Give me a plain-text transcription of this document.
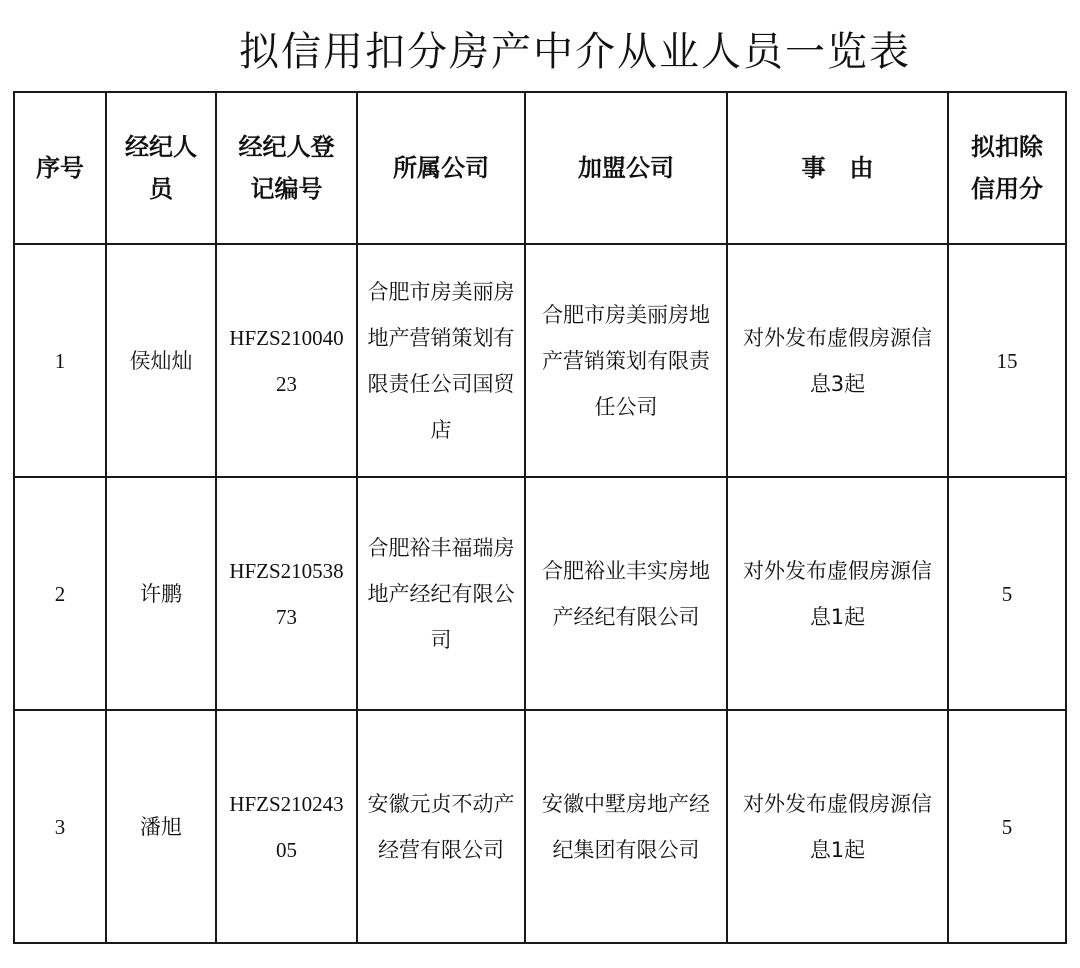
拟信用扣分房产中介从业人员一览表
序号	经纪人员	经纪人登记编号	所属公司	加盟公司	事　由	拟扣除信用分

1	侯灿灿	HFZS21004023	合肥市房美丽房地产营销策划有限责任公司国贸店	合肥市房美丽房地产营销策划有限责任公司	对外发布虚假房源信息3起	15
2	许鹏	HFZS21053873	合肥裕丰福瑞房地产经纪有限公司	合肥裕业丰实房地产经纪有限公司	对外发布虚假房源信息1起	5
3	潘旭	HFZS21024305	安徽元贞不动产经营有限公司	安徽中墅房地产经纪集团有限公司	对外发布虚假房源信息1起	5
